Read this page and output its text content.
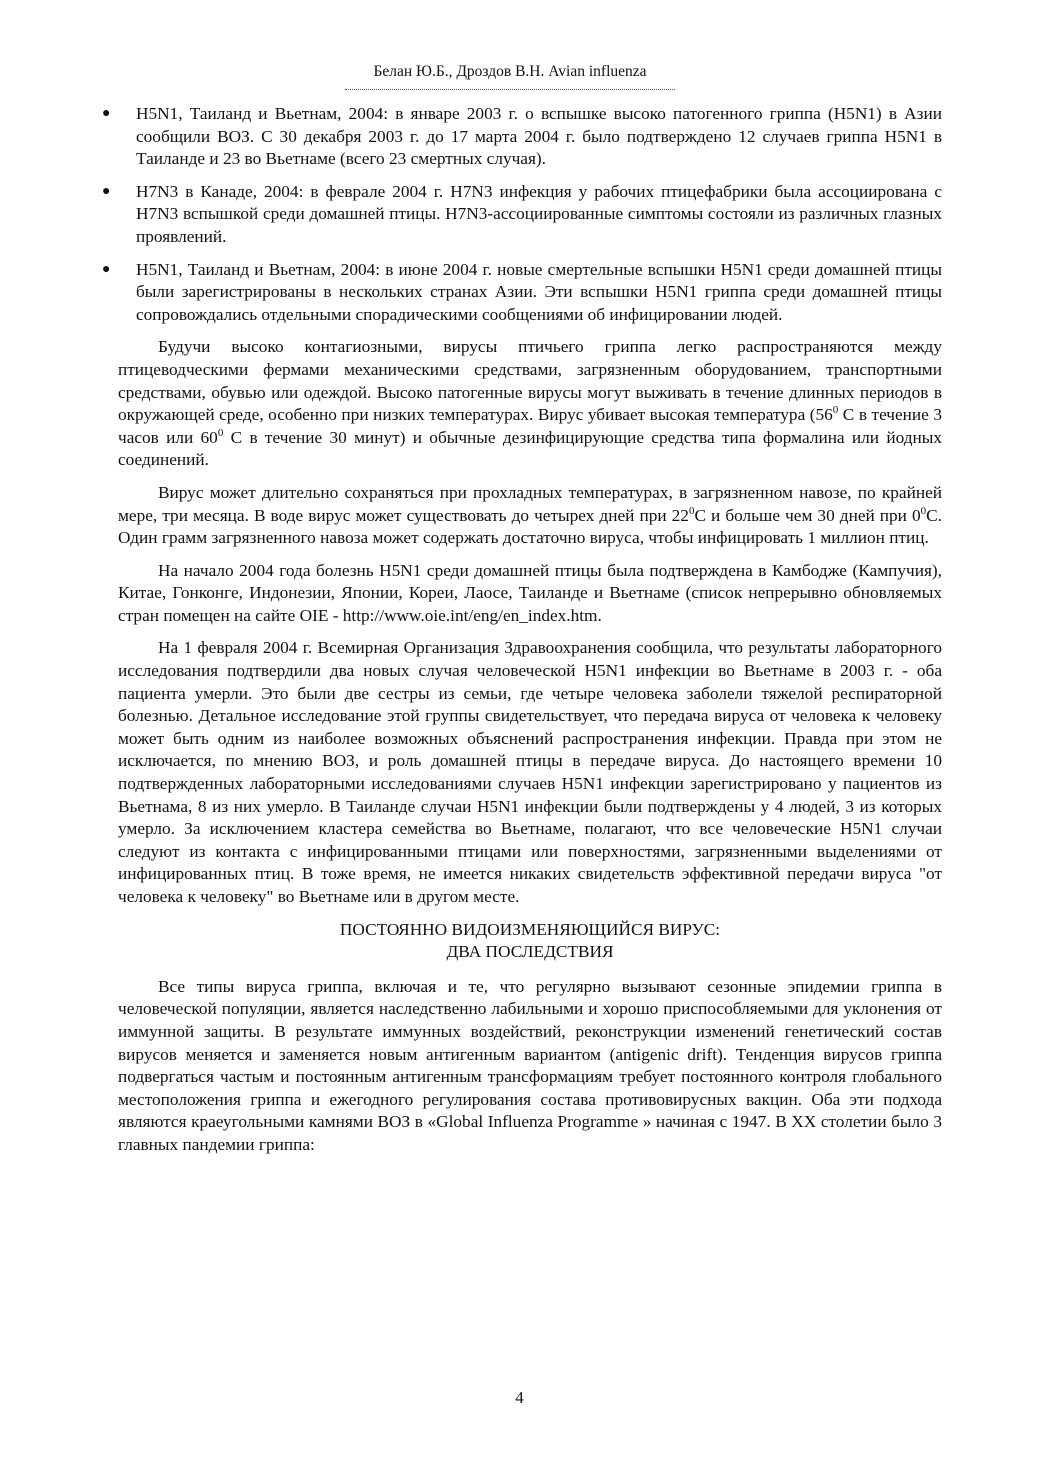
Белан Ю.Б., Дроздов В.Н. Avian influenza
● H5N1, Таиланд и Вьетнам, 2004: в январе 2003 г. о вспышке высоко патогенного гриппа (H5N1) в Азии сообщили ВОЗ. С 30 декабря 2003 г. до 17 марта 2004 г. было подтверждено 12 случаев гриппа H5N1 в Таиланде и 23 во Вьетнаме (всего 23 смертных случая).
● H7N3 в Канаде, 2004: в феврале 2004 г. H7N3 инфекция у рабочих птицефабрики была ассоциирована с H7N3 вспышкой среди домашней птицы. H7N3-ассоциированные симптомы состояли из различных глазных проявлений.
● H5N1, Таиланд и Вьетнам, 2004: в июне 2004 г. новые смертельные вспышки H5N1 среди домашней птицы были зарегистрированы в нескольких странах Азии. Эти вспышки H5N1 гриппа среди домашней птицы сопровождались отдельными спорадическими сообщениями об инфицировании людей.

Будучи высоко контагиозными, вирусы птичьего гриппа легко распространяются между птицеводческими фермами механическими средствами, загрязненным оборудованием, транспортными средствами, обувью или одеждой. Высоко патогенные вирусы могут выживать в течение длинных периодов в окружающей среде, особенно при низких температурах. Вирус убивает высокая температура ($56^0$ С в течение 3 часов или $60^0$ С в течение 30 минут) и обычные дезинфицирующие средства типа формалина или йодных соединений.

Вирус может длительно сохраняться при прохладных температурах, в загрязненном навозе, по крайней мере, три месяца. В воде вирус может существовать до четырех дней при $22^0С$ и больше чем 30 дней при $0^0С$. Один грамм загрязненного навоза может содержать достаточно вируса, чтобы инфицировать 1 миллион птиц.

На начало 2004 года болезнь H5N1 среди домашней птицы была подтверждена в Камбодже (Кампучия), Китае, Гонконге, Индонезии, Японии, Кореи, Лаосе, Таиланде и Вьетнаме (список непрерывно обновляемых стран помещен на сайте OIE - http://www.oie.int/eng/en_index.htm.

На 1 февраля 2004 г. Всемирная Организация Здравоохранения сообщила, что результаты лабораторного исследования подтвердили два новых случая человеческой H5N1 инфекции во Вьетнаме в 2003 г. - оба пациента умерли. Это были две сестры из семьи, где четыре человека заболели тяжелой респираторной болезнью. Детальное исследование этой группы свидетельствует, что передача вируса от человека к человеку может быть одним из наиболее возможных объяснений распространения инфекции. Правда при этом не исключается, по мнению ВОЗ, и роль домашней птицы в передаче вируса. До настоящего времени 10 подтвержденных лабораторными исследованиями случаев H5N1 инфекции зарегистрировано у пациентов из Вьетнама, 8 из них умерло. В Таиланде случаи H5N1 инфекции были подтверждены у 4 людей, 3 из которых умерло. За исключением кластера семейства во Вьетнаме, полагают, что все человеческие H5N1 случаи следуют из контакта с инфицированными птицами или поверхностями, загрязненными выделениями от инфицированных птиц. В тоже время, не имеется никаких свидетельств эффективной передачи вируса "от человека к человеку" во Вьетнаме или в другом месте.

ПОСТОЯННО ВИДОИЗМЕНЯЮЩИЙСЯ ВИРУС:
ДВА ПОСЛЕДСТВИЯ

Все типы вируса гриппа, включая и те, что регулярно вызывают сезонные эпидемии гриппа в человеческой популяции, является наследственно лабильными и хорошо приспособляемыми для уклонения от иммунной защиты. В результате иммунных воздействий, реконструкции изменений генетический состав вирусов меняется и заменяется новым антигенным вариантом (antigenic drift). Тенденция вирусов гриппа подвергаться частым и постоянным антигенным трансформациям требует постоянного контроля глобального местоположения гриппа и ежегодного регулирования состава противовирусных вакцин. Оба эти подхода являются краеугольными камнями ВОЗ в «Global Influenza Programme » начиная с 1947. В XX столетии было 3 главных пандемии гриппа:

4
